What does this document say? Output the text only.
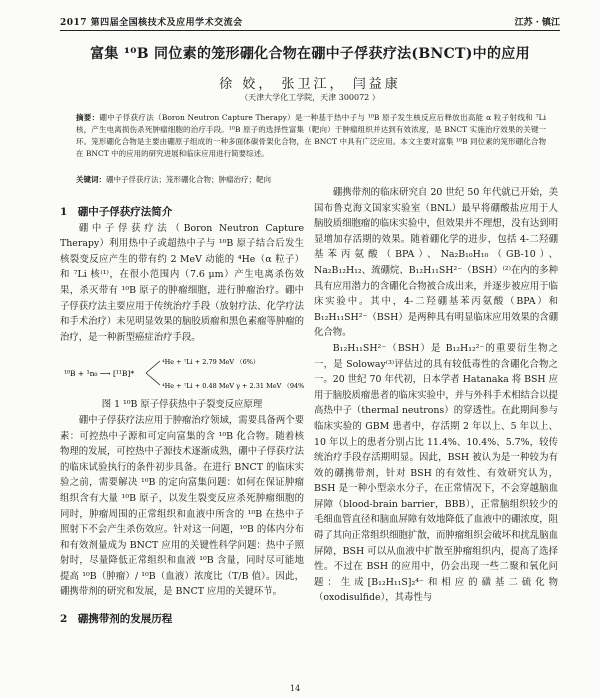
2017 第四届全国核技术及应用学术交流会	江苏 · 镇江
富集 ¹⁰B 同位素的笼形硼化合物在硼中子俘获疗法(BNCT)中的应用
徐 姣， 张卫江， 闫益康
（天津大学化工学院，天津 300072 ）
摘要：硼中子俘获疗法（Boron Neutron Capture Therapy）是一种基于热中子与 ¹⁰B 原子发生核反应后释放出高能 α 粒子射线和 ⁷Li 核，产生电离损伤杀死肿瘤细胞的治疗手段。¹⁰B 原子的选择性富集（靶向）于肿瘤组织并达到有效浓度，是 BNCT 实施治疗效果的关键一环。笼形硼化合物是主要由硼原子组成的一种多面体碳骨架化合物，在 BNCT 中具有广泛应用。本文主要对富集 ¹⁰B 同位素的笼形硼化合物在 BNCT 中的应用的研究进展和临床应用进行简要综述。
关键词：硼中子俘获疗法；笼形硼化合物；肿瘤治疗；靶向

1　硼中子俘获疗法简介

硼中子俘获疗法（Boron Neutron Capture Therapy）利用热中子或超热中子与 ¹⁰B 原子结合后发生核裂变反应产生的带有约 2 MeV 动能的 ⁴He（α 粒子）和 ⁷Li 核⁽¹⁾，在很小范围内（7.6 μm）产生电离杀伤效果，杀灭带有 ¹⁰B 原子的肿瘤细胞，进行肿瘤治疗。硼中子俘获疗法主要应用于传统治疗手段（放射疗法、化学疗法和手术治疗）未见明显效果的脑胶质瘤和黑色素瘤等肿瘤的治疗，是一种新型癌症治疗手段。

¹⁰B + ¹n₀ ⟶ [¹¹B]*
⁴He + ⁷Li + 2.79 MeV （6%）
⁴He + ⁷Li + 0.48 MeV γ + 2.31 MeV （94%）

图 1 ¹⁰B 原子俘获热中子裂变反应原理

硼中子俘获疗法应用于肿瘤治疗领域，需要具备两个要素：可控热中子源和可定向富集的含 ¹⁰B 化合物。随着核物理的发展，可控热中子源技术逐渐成熟，硼中子俘获疗法的临床试验执行的条件初步具备。在进行 BNCT 的临床实验之前，需要解决 ¹⁰B 的定向富集问题：如何在保证肿瘤组织含有大量 ¹⁰B 原子，以发生裂变反应杀死肿瘤细胞的同时，肿瘤周围的正常组织和血液中所含的 ¹⁰B 在热中子照射下不会产生杀伤效应。针对这一问题，¹⁰B 的体内分布和有效剂量成为 BNCT 应用的关键性科学问题：热中子照射时，尽量降低正常组织和血液 ¹⁰B 含量，同时尽可能地提高 ¹⁰B（肿瘤）/ ¹⁰B（血液）浓度比（T/B 值）。因此，硼携带剂的研究和发展，是 BNCT 应用的关键环节。

2　硼携带剂的发展历程

硼携带剂的临床研究自 20 世纪 50 年代就已开始，美国布鲁克海文国家实验室（BNL）最早将硼酸盐应用于人脑胶质细胞瘤的临床实验中，但效果并不理想，没有达到明显增加存活期的效果。随着硼化学的进步，包括 4-二羟硼基苯丙氨酸（BPA）、Na₂B₁₀H₁₀（GB-10）、Na₂B₁₂H₁₂、巯硼烷、B₁₂H₁₁SH²⁻（BSH）⁽²⁾在内的多种具有应用潜力的含硼化合物被合成出来，并逐步被应用于临床实验中。其中，4-二羟硼基苯丙氨酸（BPA）和 B₁₂H₁₁SH²⁻（BSH）是两种具有明显临床应用效果的含硼化合物。

B₁₂H₁₁SH²⁻（BSH）是 B₁₂H₁₂²⁻的重要衍生物之一，是 Soloway⁽³⁾评估过的具有较低毒性的含硼化合物之一。20 世纪 70 年代初，日本学者 Hatanaka 将 BSH 应用于脑胶质瘤患者的临床实验中，并与外科手术相结合以提高热中子（thermal neutrons）的穿透性。在此期间参与临床实验的 GBM 患者中，存活期 2 年以上、5 年以上、10 年以上的患者分别占比 11.4%、10.4%、5.7%，较传统治疗手段存活期明显。因此，BSH 被认为是一种较为有效的硼携带剂，针对 BSH 的有效性、有效研究认为，BSH 是一种小型亲水分子，在正常情况下，不会穿越脑血屏障（blood-brain barrier，BBB），正常脑组织较少的毛细血管直径和脑血屏障有效地降低了血液中的硼浓度，阻碍了其向正常组织细胞扩散，而肿瘤组织会破坏和扰乱脑血屏障，BSH 可以从血液中扩散至肿瘤组织内，提高了选择性。不过在 BSH 的应用中，仍会出现一些二聚和氧化问题：生成[B₁₂H₁₁S]₂⁴⁻和相应的磺基二硫化物（oxodisulfide），其毒性与

14
